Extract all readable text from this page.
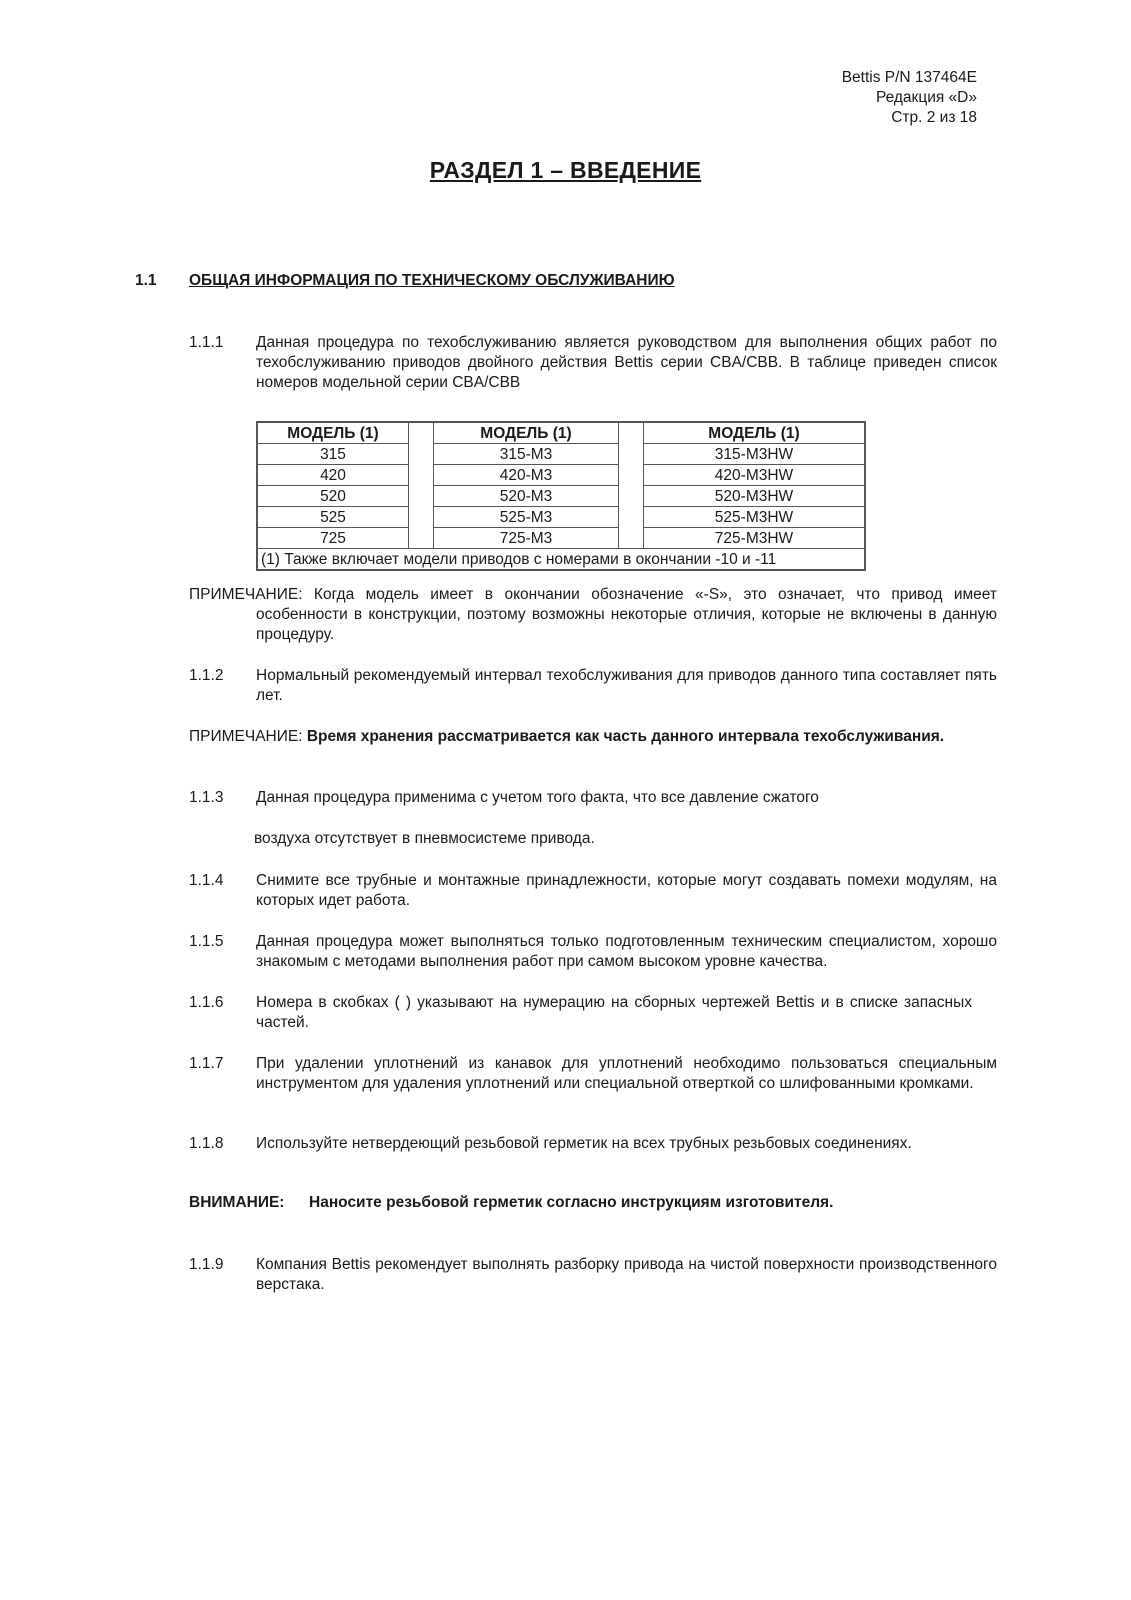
Bettis P/N 137464E
Редакция «D»
Стр. 2 из 18
РАЗДЕЛ 1 – ВВЕДЕНИЕ
1.1 ОБЩАЯ ИНФОРМАЦИЯ ПО ТЕХНИЧЕСКОМУ ОБСЛУЖИВАНИЮ
1.1.1 Данная процедура по техобслуживанию является руководством для выполнения общих работ по техобслуживанию приводов двойного действия Bettis серии CBA/CBB. В таблице приведен список номеров модельной серии CBA/CBB
МОДЕЛЬ (1)		МОДЕЛЬ (1)		МОДЕЛЬ (1)
315		315-M3		315-M3HW
420		420-M3		420-M3HW
520		520-M3		520-M3HW
525		525-M3		525-M3HW
725		725-M3		725-M3HW
(1) Также включает модели приводов с номерами в окончании -10 и -11				
ПРИМЕЧАНИЕ: Когда модель имеет в окончании обозначение «-S», это означает, что привод имеет особенности в конструкции, поэтому возможны некоторые отличия, которые не включены в данную процедуру.
1.1.2 Нормальный рекомендуемый интервал техобслуживания для приводов данного типа составляет пять лет.
ПРИМЕЧАНИЕ: Время хранения рассматривается как часть данного интервала техобслуживания.
1.1.3 Данная процедура применима с учетом того факта, что все давление сжатого
воздуха отсутствует в пневмосистеме привода.
1.1.4 Снимите все трубные и монтажные принадлежности, которые могут создавать помехи модулям, на которых идет работа.
1.1.5 Данная процедура может выполняться только подготовленным техническим специалистом, хорошо знакомым с методами выполнения работ при самом высоком уровне качества.
1.1.6 Номера в скобках ( ) указывают на нумерацию на сборных чертежей Bettis и в списке запасных частей.
1.1.7 При удалении уплотнений из канавок для уплотнений необходимо пользоваться специальным инструментом для удаления уплотнений или специальной отверткой со шлифованными кромками.
1.1.8 Используйте нетвердеющий резьбовой герметик на всех трубных резьбовых соединениях.
ВНИМАНИЕ: Наносите резьбовой герметик согласно инструкциям изготовителя.
1.1.9 Компания Bettis рекомендует выполнять разборку привода на чистой поверхности производственного верстака.
